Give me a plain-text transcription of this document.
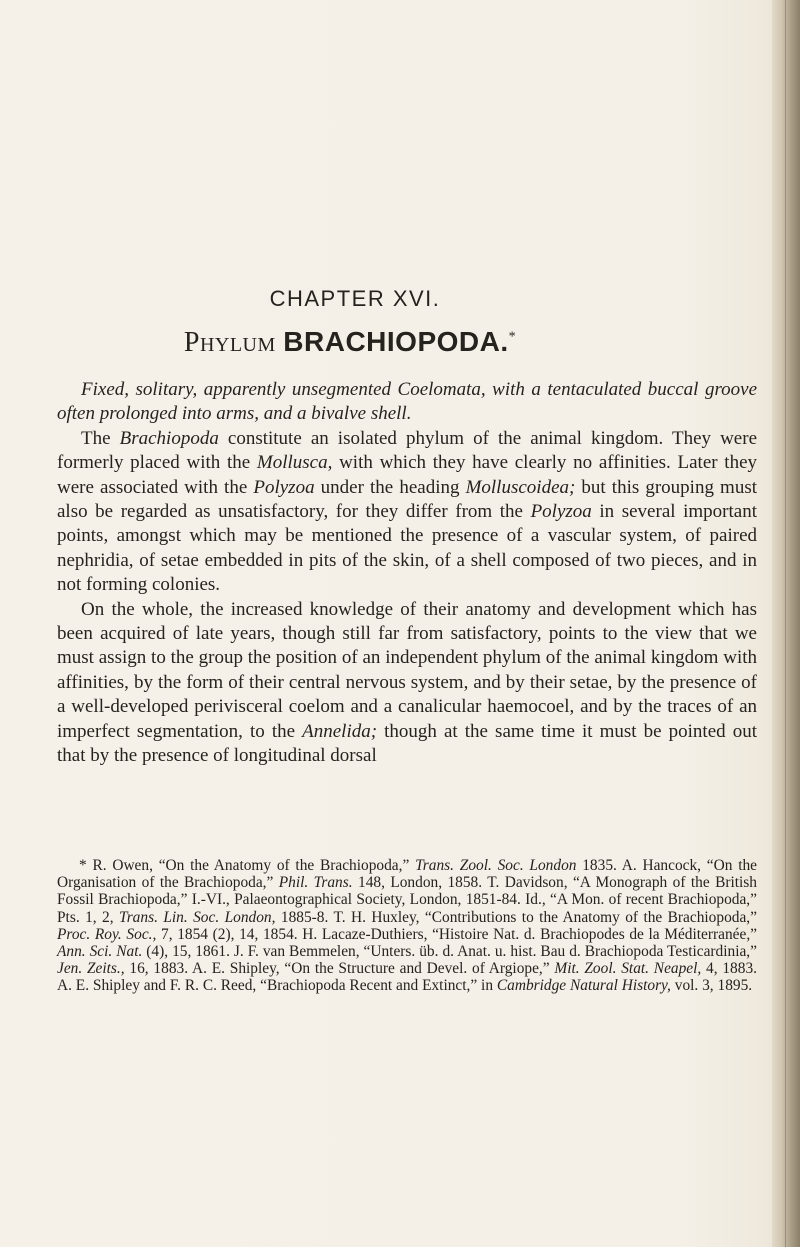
CHAPTER XVI.
Phylum BRACHIOPODA.*

Fixed, solitary, apparently unsegmented Coelomata, with a tentaculated buccal groove often prolonged into arms, and a bivalve shell.

The Brachiopoda constitute an isolated phylum of the animal kingdom. They were formerly placed with the Mollusca, with which they have clearly no affinities. Later they were associated with the Polyzoa under the heading Molluscoidea; but this grouping must also be regarded as unsatisfactory, for they differ from the Polyzoa in several important points, amongst which may be mentioned the presence of a vascular system, of paired nephridia, of setae embedded in pits of the skin, of a shell composed of two pieces, and in not forming colonies.

On the whole, the increased knowledge of their anatomy and development which has been acquired of late years, though still far from satisfactory, points to the view that we must assign to the group the position of an independent phylum of the animal kingdom with affinities, by the form of their central nervous system, and by their setae, by the presence of a well-developed perivisceral coelom and a canalicular haemocoel, and by the traces of an imperfect segmentation, to the Annelida; though at the same time it must be pointed out that by the presence of longitudinal dorsal

* R. Owen, “On the Anatomy of the Brachiopoda,” Trans. Zool. Soc. London 1835. A. Hancock, “On the Organisation of the Brachiopoda,” Phil. Trans. 148, London, 1858. T. Davidson, “A Monograph of the British Fossil Brachiopoda,” I.-VI., Palaeontographical Society, London, 1851-84. Id., “A Mon. of recent Brachiopoda,” Pts. 1, 2, Trans. Lin. Soc. London, 1885-8. T. H. Huxley, “Contributions to the Anatomy of the Brachiopoda,” Proc. Roy. Soc., 7, 1854 (2), 14, 1854. H. Lacaze-Duthiers, “Histoire Nat. d. Brachiopodes de la Méditerranée,” Ann. Sci. Nat. (4), 15, 1861. J. F. van Bemmelen, “Unters. üb. d. Anat. u. hist. Bau d. Brachiopoda Testicardinia,” Jen. Zeits., 16, 1883. A. E. Shipley, “On the Structure and Devel. of Argiope,” Mit. Zool. Stat. Neapel, 4, 1883. A. E. Shipley and F. R. C. Reed, “Brachiopoda Recent and Extinct,” in Cambridge Natural History, vol. 3, 1895.
